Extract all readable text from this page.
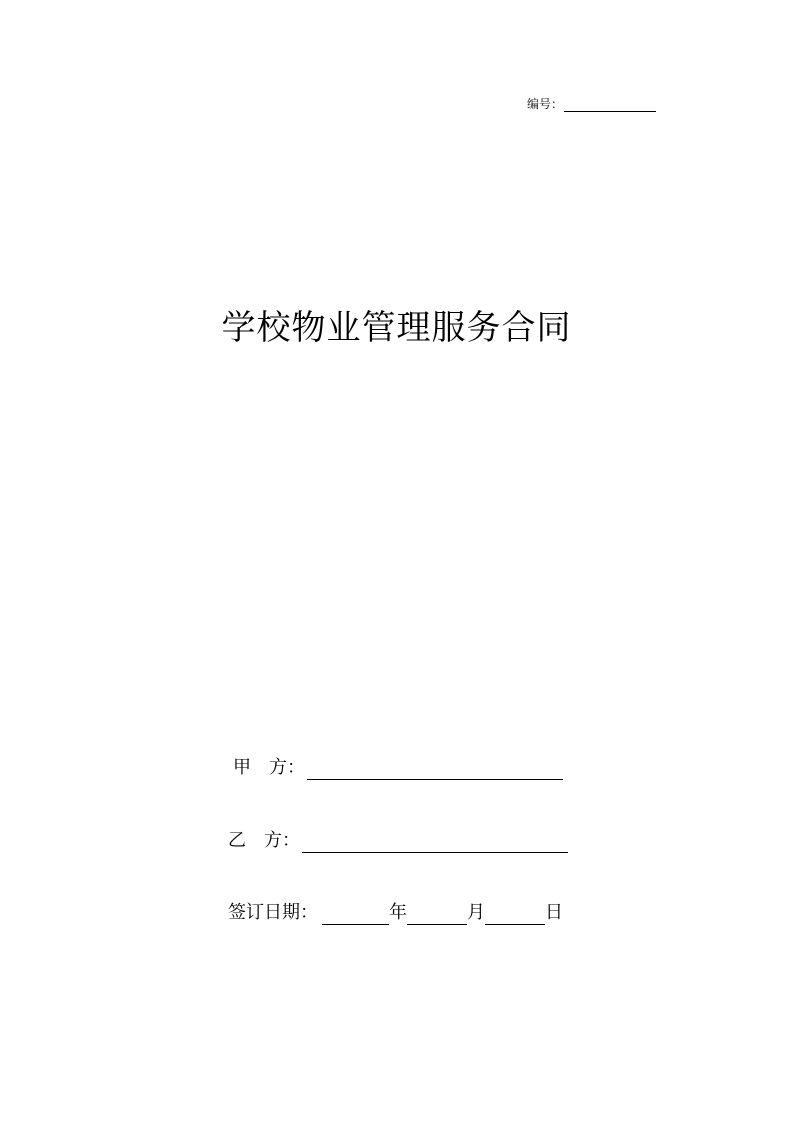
编号：
学校物业管理服务合同
甲 方：
乙 方：
签订日期：	年	月	日
